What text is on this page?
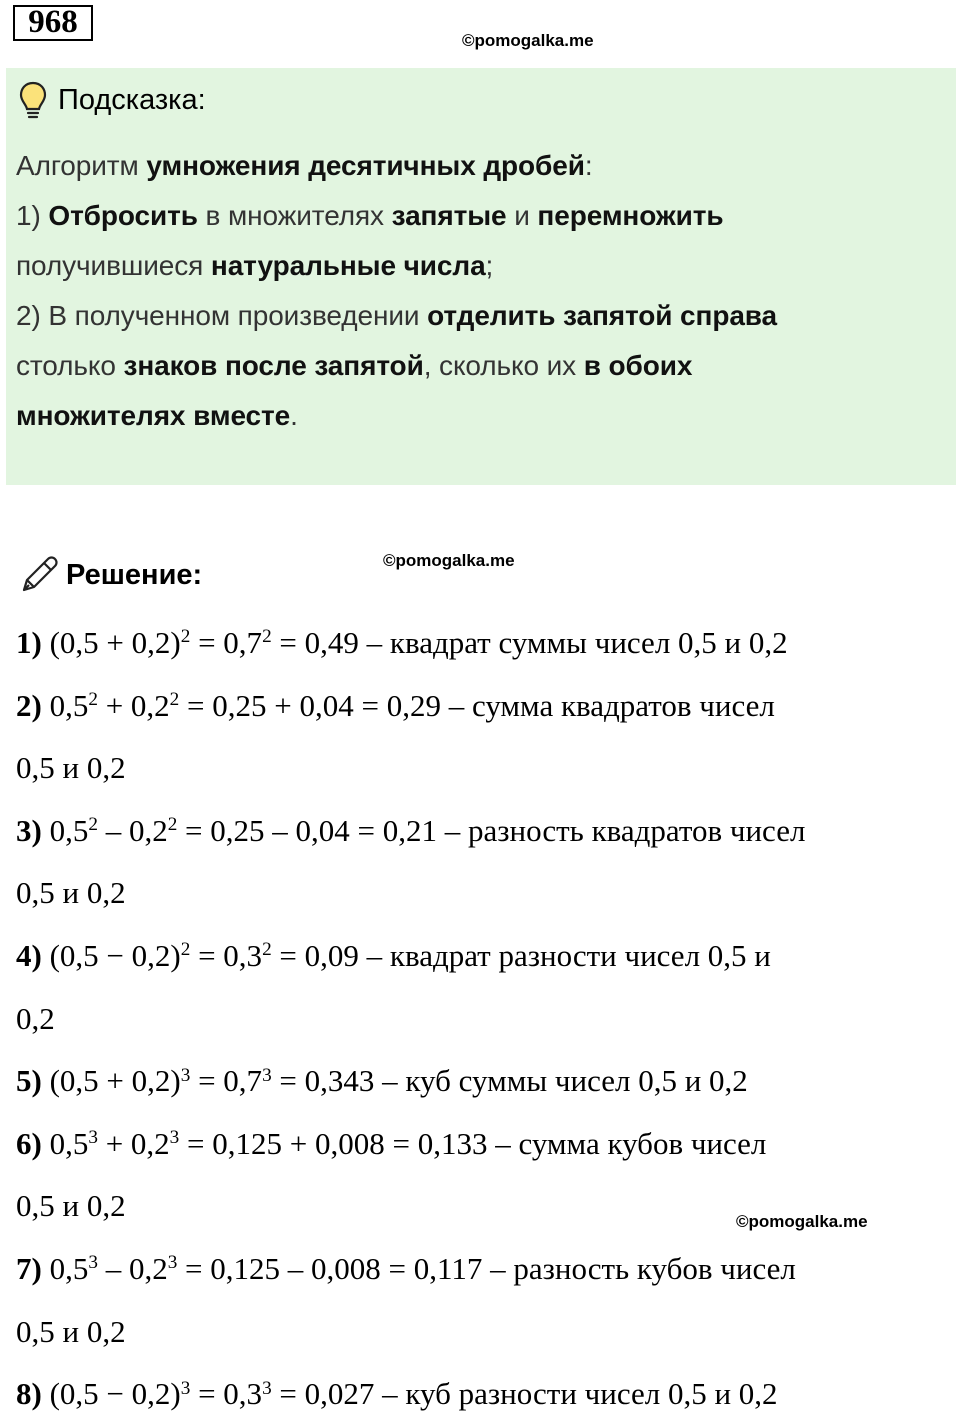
968
©pomogalka.me
Подсказка:
Алгоритм умножения десятичных дробей:
1) Отбросить в множителях запятые и перемножить
получившиеся натуральные числа;
2) В полученном произведении отделить запятой справа
столько знаков после запятой, сколько их в обоих
множителях вместе.
Решение:	©pomogalka.me
©pomogalka.me

1) $(0,5 + 0,2)^2 = 0,7^2 = 0,49$ – квадрат суммы чисел 0,5 и 0,2

2) $0,5^2 + 0,2^2 = 0,25 + 0,04 = 0,29$ – сумма квадратов чисел

0,5 и 0,2

3) $0,5^2 - 0,2^2 = 0,25 - 0,04 = 0,21$ – разность квадратов чисел

0,5 и 0,2

4) $(0,5 - 0,2)^2 = 0,3^2 = 0,09$ – квадрат разности чисел 0,5 и

0,2

5) $(0,5 + 0,2)^3 = 0,7^3 = 0,343$ – куб суммы чисел 0,5 и 0,2

6) $0,5^3 + 0,2^3 = 0,125 + 0,008 = 0,133$ – сумма кубов чисел

0,5 и 0,2

7) $0,5^3 - 0,2^3 = 0,125 - 0,008 = 0,117$ – разность кубов чисел

0,5 и 0,2

8) $(0,5 - 0,2)^3 = 0,3^3 = 0,027$ – куб разности чисел 0,5 и 0,2
